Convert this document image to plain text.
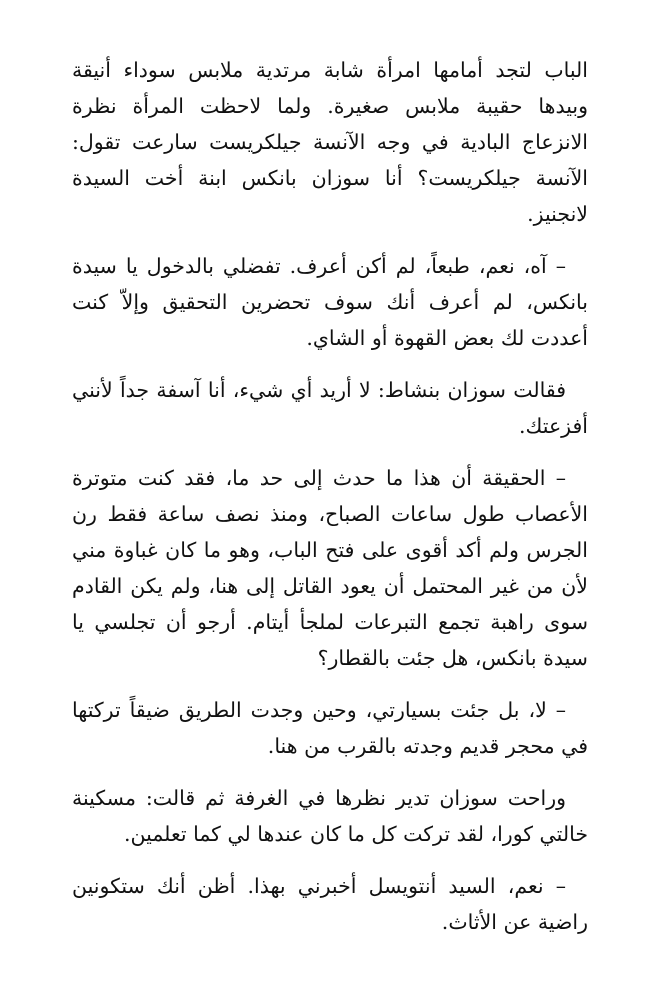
الباب لتجد أمامها امرأة شابة مرتدية ملابس سوداء أنيقة وبيدها حقيبة ملابس صغيرة. ولما لاحظت المرأة نظرة الانزعاج البادية في وجه الآنسة جيلكريست سارعت تقول: الآنسة جيلكريست؟ أنا سوزان بانكس ابنة أخت السيدة لانجنيز.

– آه، نعم، طبعاً، لم أكن أعرف. تفضلي بالدخول يا سيدة بانكس، لم أعرف أنك سوف تحضرين التحقيق وإلاّ كنت أعددت لك بعض القهوة أو الشاي.

فقالت سوزان بنشاط: لا أريد أي شيء، أنا آسفة جداً لأنني أفزعتك.

– الحقيقة أن هذا ما حدث إلى حد ما، فقد كنت متوترة الأعصاب طول ساعات الصباح، ومنذ نصف ساعة فقط رن الجرس ولم أكد أقوى على فتح الباب، وهو ما كان غباوة مني لأن من غير المحتمل أن يعود القاتل إلى هنا، ولم يكن القادم سوى راهبة تجمع التبرعات لملجأ أيتام. أرجو أن تجلسي يا سيدة بانكس، هل جئت بالقطار؟

– لا، بل جئت بسيارتي، وحين وجدت الطريق ضيقاً تركتها في محجر قديم وجدته بالقرب من هنا.

وراحت سوزان تدير نظرها في الغرفة ثم قالت: مسكينة خالتي كورا، لقد تركت كل ما كان عندها لي كما تعلمين.

– نعم، السيد أنتويسل أخبرني بهذا. أظن أنك ستكونين راضية عن الأثاث.
